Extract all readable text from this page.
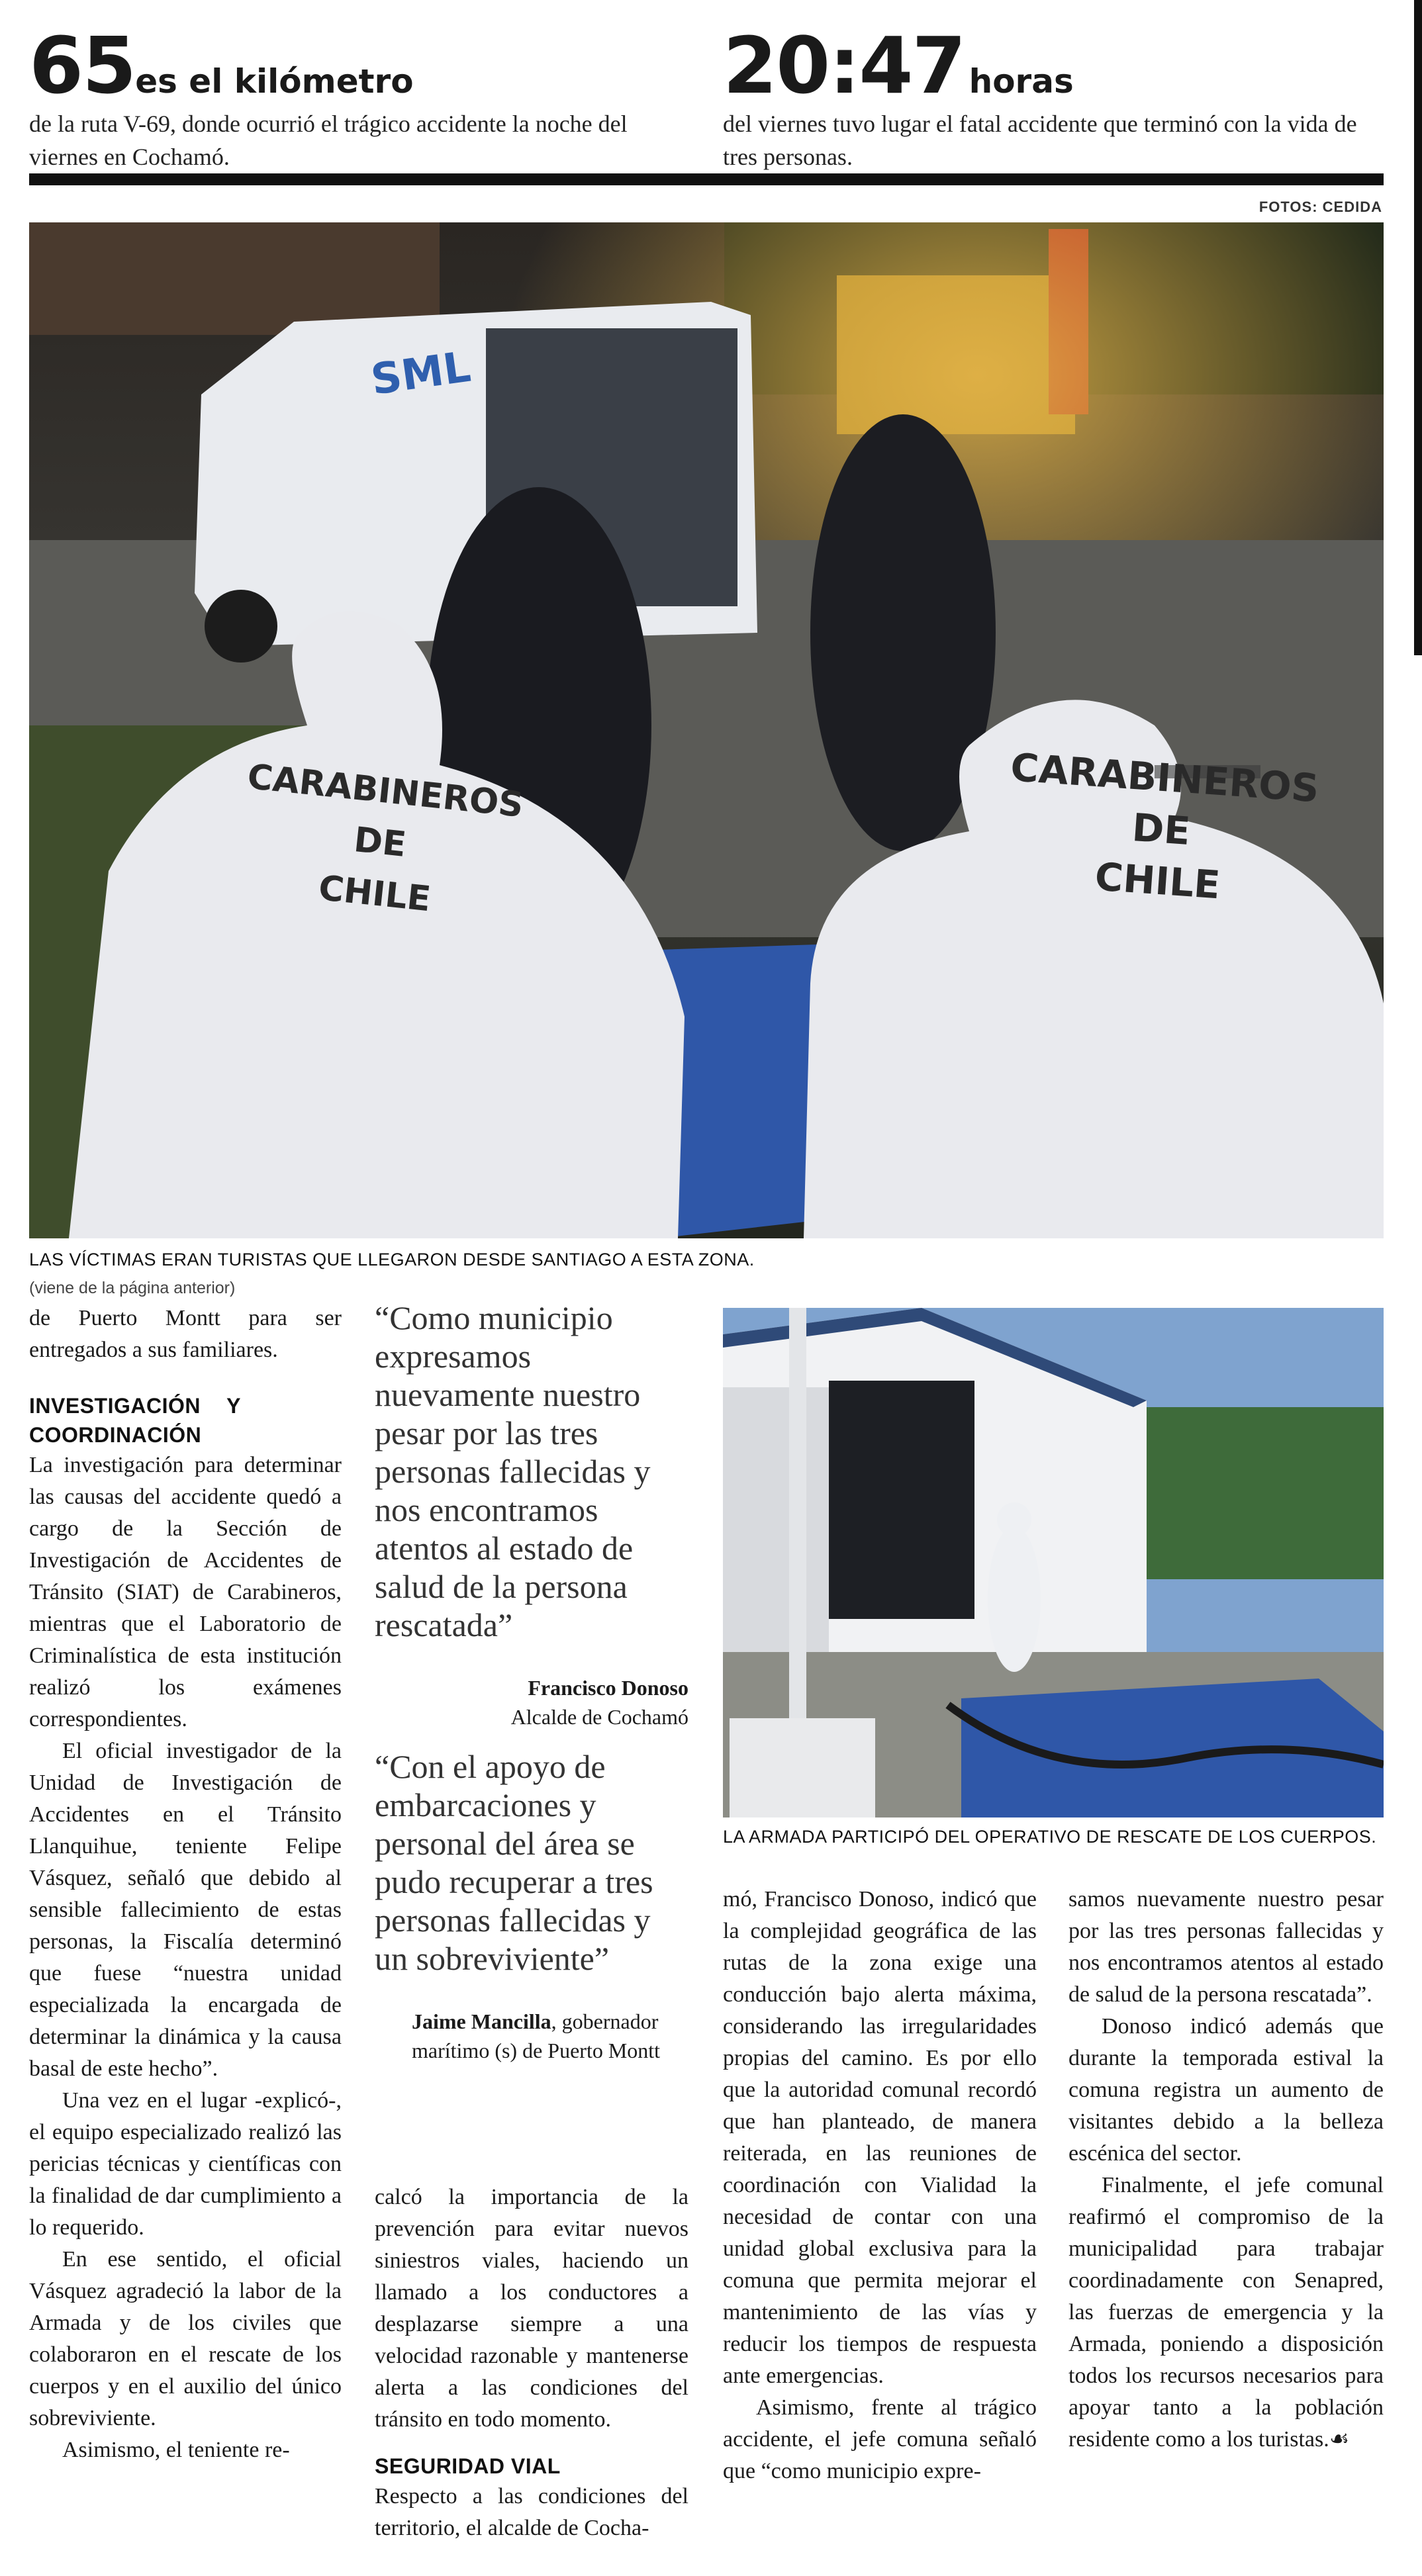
65es el kilómetro
de la ruta V-69, donde ocurrió el trágico accidente la noche del viernes en Cochamó.
20:47 horas
del viernes tuvo lugar el fatal accidente que terminó con la vida de tres personas.
FOTOS: CEDIDA
SML
CARABINEROS
DE
CHILE
CARABINEROS
DE
CHILE
LAS VÍCTIMAS ERAN TURISTAS QUE LLEGARON DESDE SANTIAGO A ESTA ZONA.
(viene de la página anterior)

de Puerto Montt para ser entregados a sus familiares.

INVESTIGACIÓN Y COORDINACIÓN

La investigación para determinar las causas del accidente quedó a cargo de la Sección de Investigación de Accidentes de Tránsito (SIAT) de Carabineros, mientras que el Laboratorio de Criminalística de esta institución realizó los exámenes correspondientes.

El oficial investigador de la Unidad de Investigación de Accidentes en el Tránsito Llanquihue, teniente Felipe Vásquez, señaló que debido al sensible fallecimiento de estas personas, la Fiscalía determinó que fuese “nuestra unidad especializada la encargada de determinar la dinámica y la causa basal de este hecho”.

Una vez en el lugar -explicó-, el equipo especializado realizó las pericias técnicas y científicas con la finalidad de dar cumplimiento a lo requerido.

En ese sentido, el oficial Vásquez agradeció la labor de la Armada y de los civiles que colaboraron en el rescate de los cuerpos y en el auxilio del único sobreviviente.

Asimismo, el teniente re-

“Como municipio expresamos nuevamente nuestro pesar por las tres personas fallecidas y nos encontramos atentos al estado de salud de la persona rescatada”
Francisco Donoso
Alcalde de Cochamó
“Con el apoyo de embarcaciones y personal del área se pudo recuperar a tres personas fallecidas y un sobreviviente”
Jaime Mancilla, gobernador
marítimo (s) de Puerto Montt

calcó la importancia de la prevención para evitar nuevos siniestros viales, haciendo un llamado a los conductores a desplazarse siempre a una velocidad razonable y mantenerse alerta a las condiciones del tránsito en todo momento.

SEGURIDAD VIAL

Respecto a las condiciones del territorio, el alcalde de Cocha-

LA ARMADA PARTICIPÓ DEL OPERATIVO DE RESCATE DE LOS CUERPOS.

mó, Francisco Donoso, indicó que la complejidad geográfica de las rutas de la zona exige una conducción bajo alerta máxima, considerando las irregularidades propias del camino. Es por ello que la autoridad comunal recordó que han planteado, de manera reiterada, en las reuniones de coordinación con Vialidad la necesidad de contar con una unidad global exclusiva para la comuna que permita mejorar el mantenimiento de las vías y reducir los tiempos de respuesta ante emergencias.

Asimismo, frente al trágico accidente, el jefe comuna señaló que “como municipio expre-

samos nuevamente nuestro pesar por las tres personas fallecidas y nos encontramos atentos al estado de salud de la persona rescatada”.

Donoso indicó además que durante la temporada estival la comuna registra un aumento de visitantes debido a la belleza escénica del sector.

Finalmente, el jefe comunal reafirmó el compromiso de la municipalidad para trabajar coordinadamente con Senapred, las fuerzas de emergencia y la Armada, poniendo a disposición todos los recursos necesarios para apoyar tanto a la población residente como a los turistas.☙
